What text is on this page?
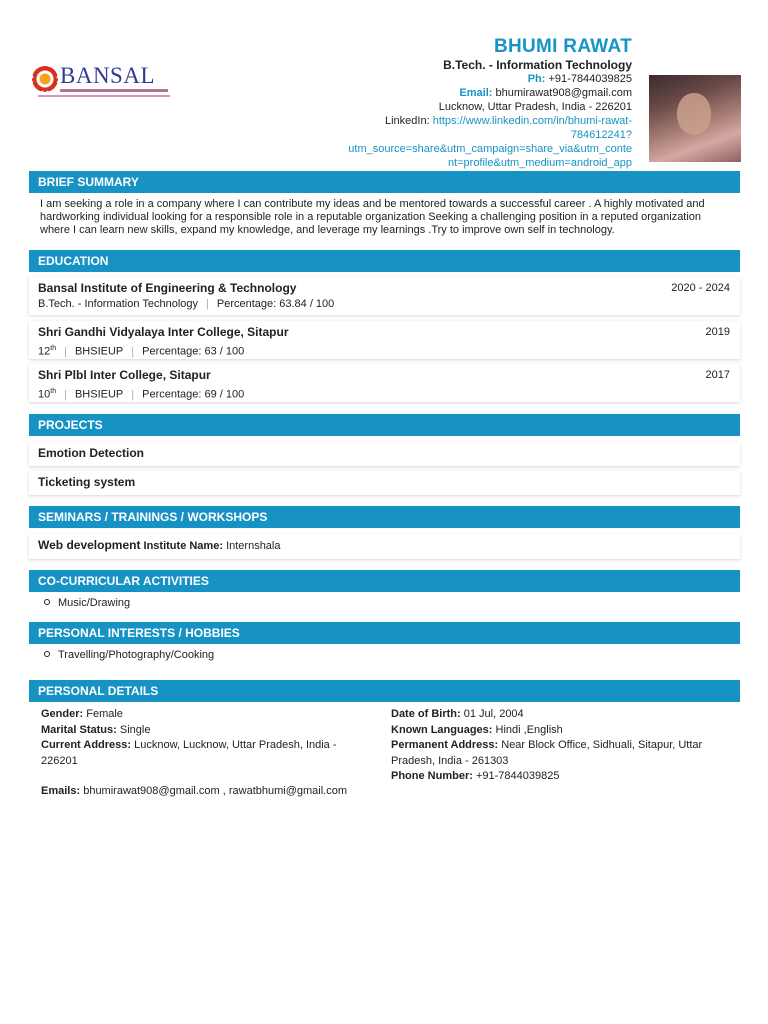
BANSAL
BHUMI RAWAT
B.Tech. - Information Technology
Ph: +91-7844039825
Email: bhumirawat908@gmail.com
Lucknow, Uttar Pradesh, India - 226201
LinkedIn: https://www.linkedin.com/in/bhumi-rawat-
784612241?
utm_source=share&utm_campaign=share_via&utm_conte
nt=profile&utm_medium=android_app
BRIEF SUMMARY
I am seeking a role in a company where I can contribute my ideas and be mentored towards a successful career . A highly motivated and hardworking individual looking for a responsible role in a reputable organization Seeking a challenging position in a reputed organization where I can learn new skills, expand my knowledge, and leverage my learnings .Try to improve own self in technology.
EDUCATION
Bansal Institute of Engineering & Technology	2020 - 2024
B.Tech. - Information Technology | Percentage: 63.84 / 100
Shri Gandhi Vidyalaya Inter College, Sitapur	2019
12th | BHSIEUP | Percentage: 63 / 100
Shri Plbl Inter College, Sitapur	2017
10th | BHSIEUP | Percentage: 69 / 100
PROJECTS
Emotion Detection
Ticketing system
SEMINARS / TRAININGS / WORKSHOPS
Web development Institute Name: Internshala
CO-CURRICULAR ACTIVITIES
Music/Drawing
PERSONAL INTERESTS / HOBBIES
Travelling/Photography/Cooking
PERSONAL DETAILS
Gender: Female
Marital Status: Single
Current Address: Lucknow, Lucknow, Uttar Pradesh, India -
226201
Emails: bhumirawat908@gmail.com , rawatbhumi@gmail.com
Date of Birth: 01 Jul, 2004
Known Languages: Hindi ,English
Permanent Address: Near Block Office, Sidhuali, Sitapur, Uttar
Pradesh, India - 261303
Phone Number: +91-7844039825
